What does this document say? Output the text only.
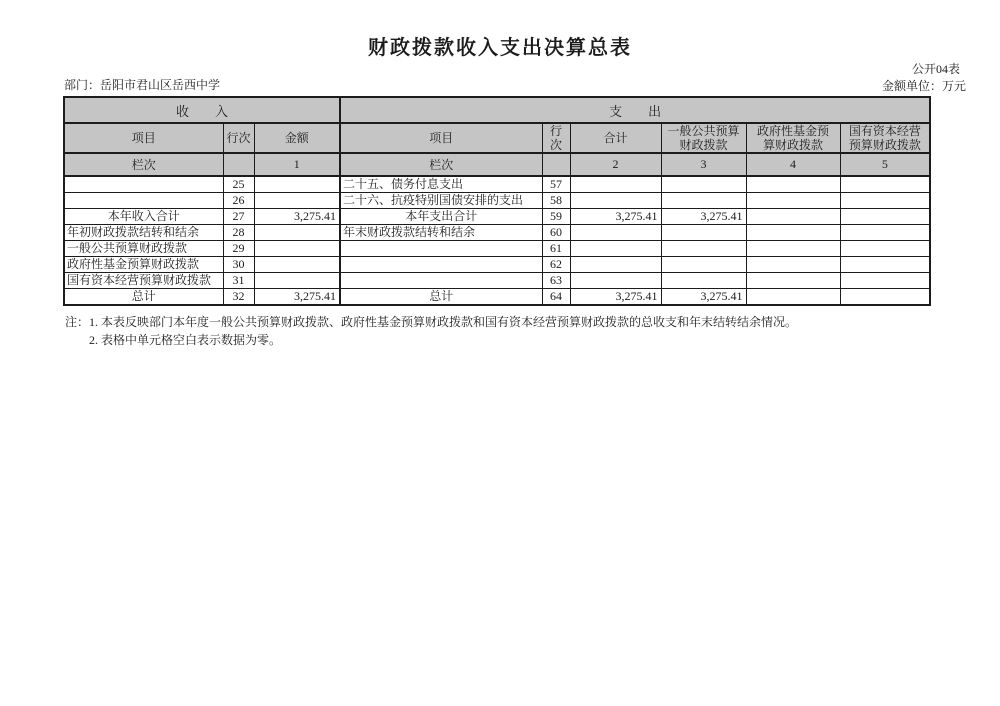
财政拨款收入支出决算总表
公开04表
部门：岳阳市君山区岳西中学	金额单位：万元
收　　入			支　　出					
项目	行次	金额	项目	行次	合计	一般公共预算财政拨款	政府性基金预算财政拨款	国有资本经营预算财政拨款
栏次		1	栏次		2	3	4	5
	25		二十五、债务付息支出	57				
	26		二十六、抗疫特别国债安排的支出	58				
本年收入合计	27	3,275.41	本年支出合计	59	3,275.41	3,275.41		
年初财政拨款结转和结余	28		年末财政拨款结转和结余	60				
一般公共预算财政拨款	29			61				
政府性基金预算财政拨款	30			62				
国有资本经营预算财政拨款	31			63				
总计	32	3,275.41	总计	64	3,275.41	3,275.41		
注：1. 本表反映部门本年度一般公共预算财政拨款、政府性基金预算财政拨款和国有资本经营预算财政拨款的总收支和年末结转结余情况。
2. 表格中单元格空白表示数据为零。
